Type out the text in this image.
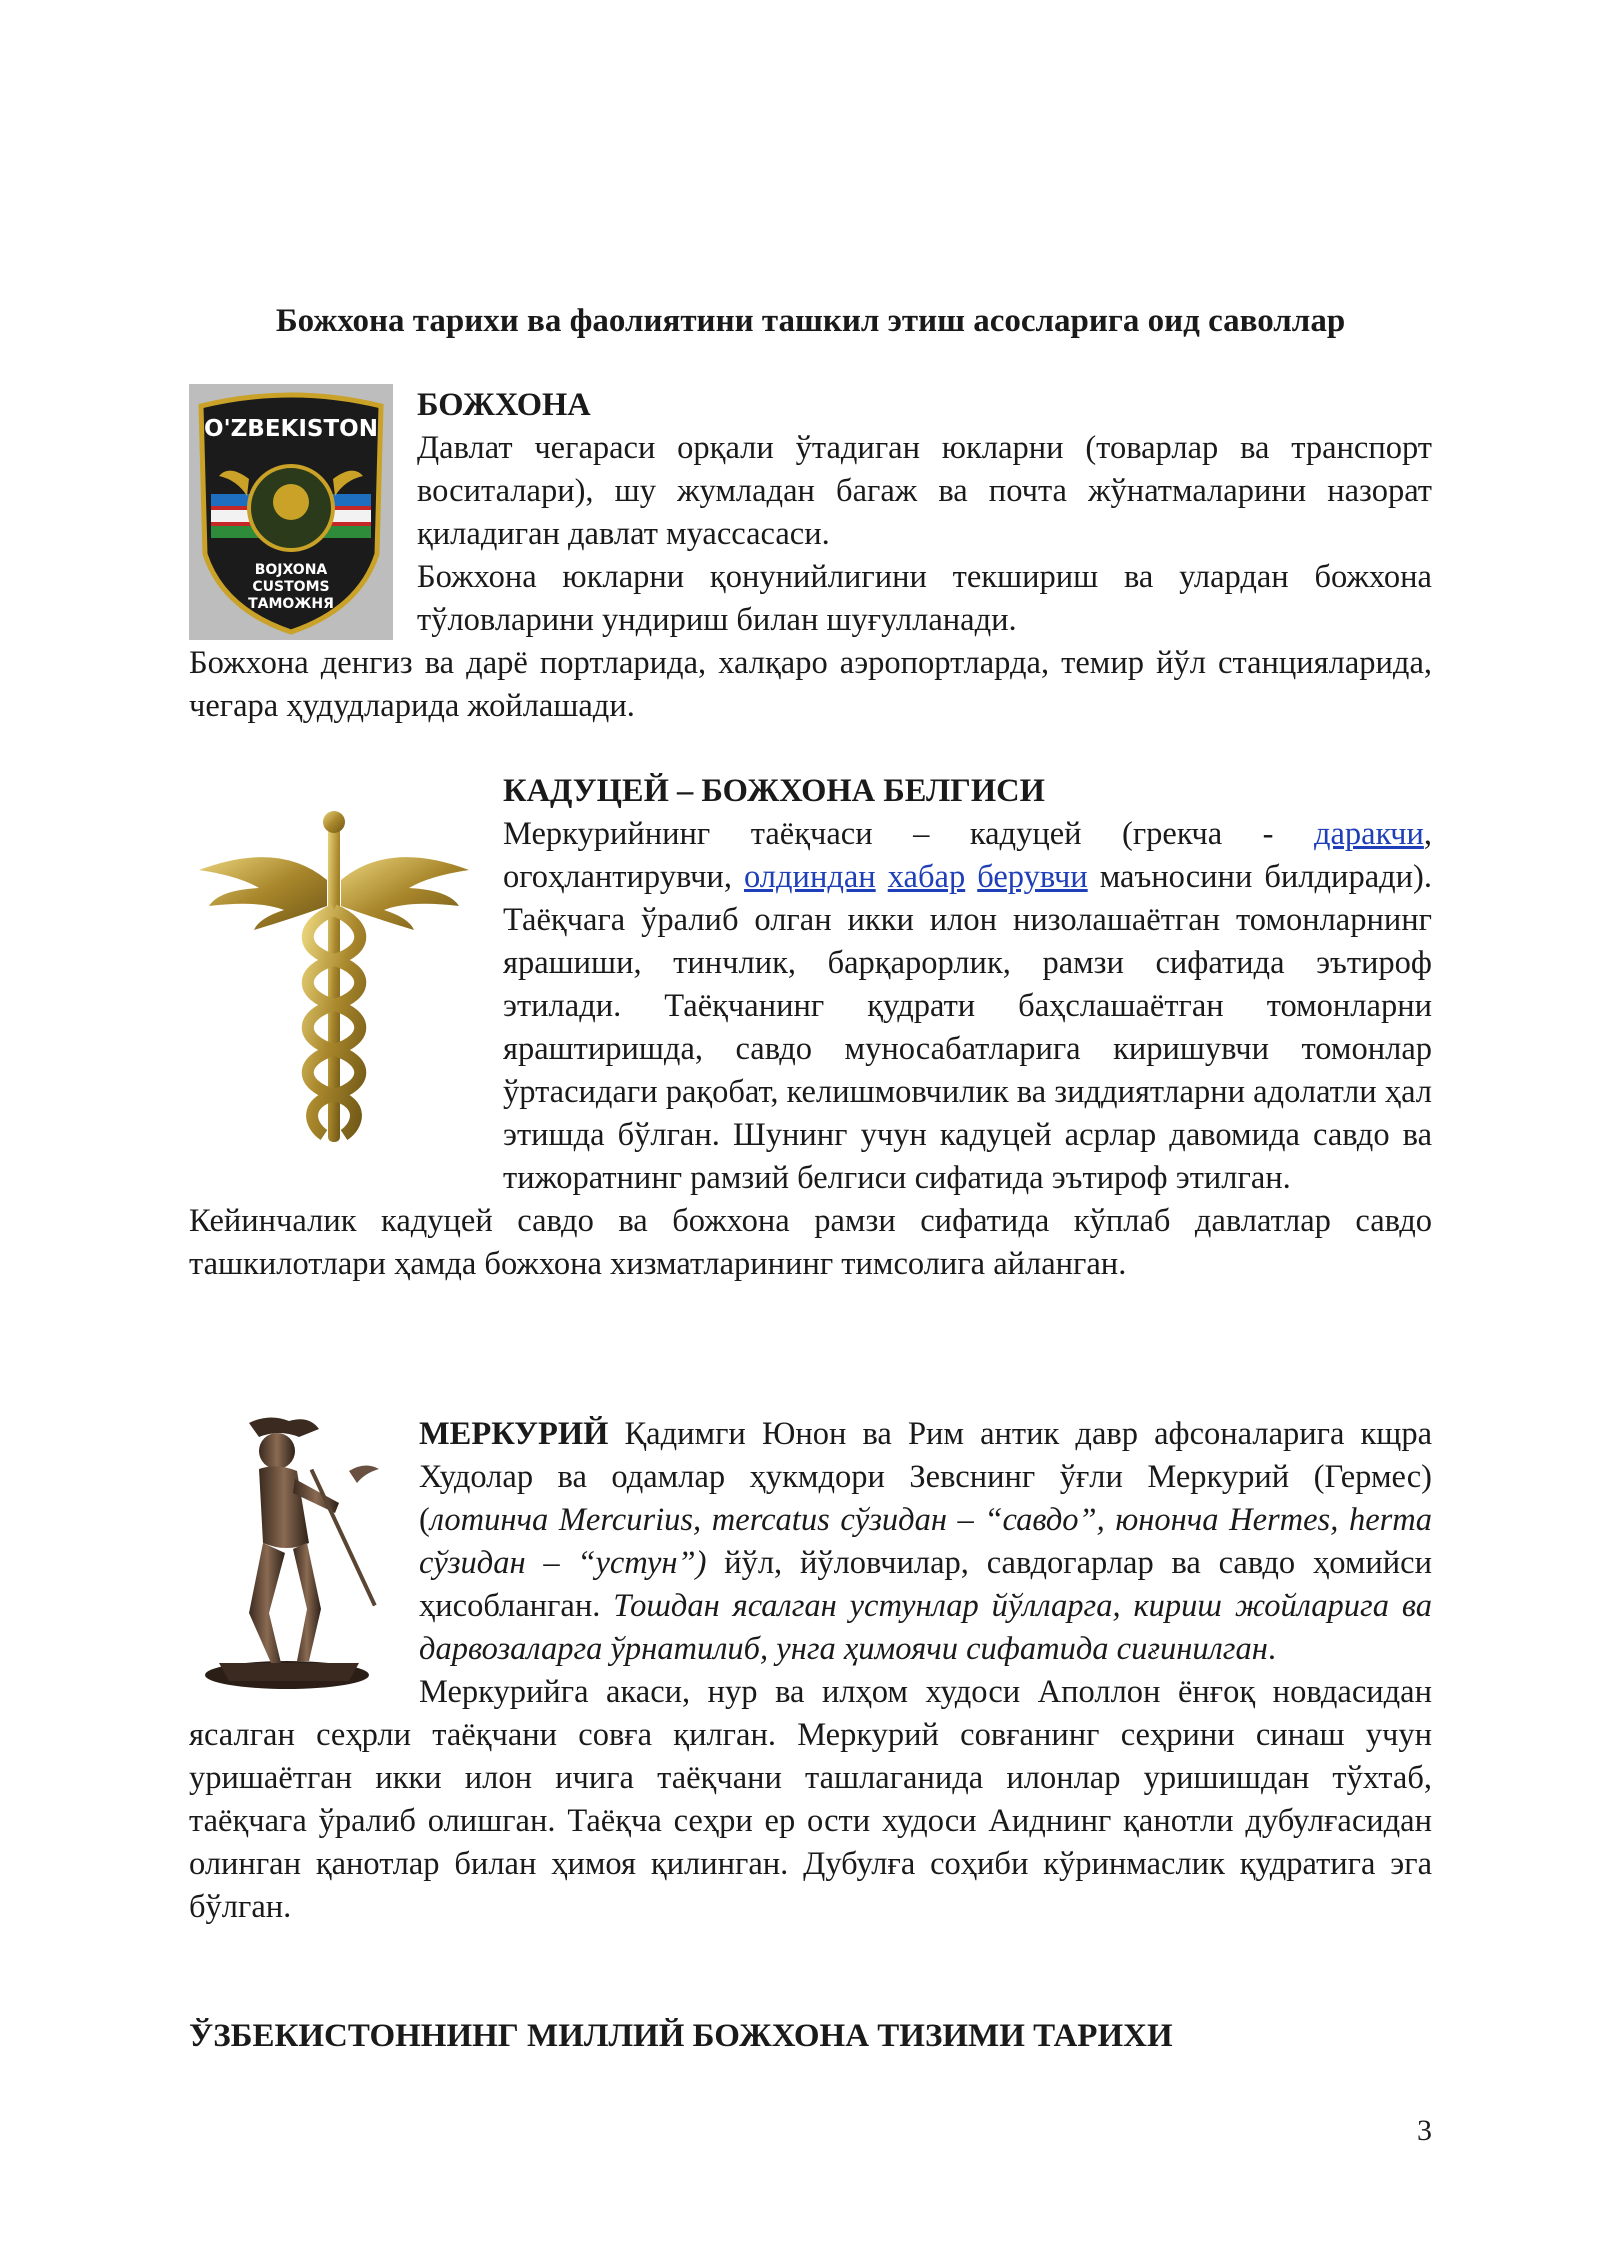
Божхона тарихи ва фаолиятини ташкил этиш асосларига оид саволлар
O'ZBEKISTON
BOJXONA
CUSTOMS
ТАМОЖНЯ
БОЖХОНА

Давлат чегараси орқали ўтадиган юкларни (товарлар ва транспорт воситалари), шу жумладан багаж ва почта жўнатмаларини назорат қиладиган давлат муассасаси.

Божхона юкларни қонунийлигини текшириш ва улардан божхона тўловларини ундириш билан шуғулланади.

Божхона денгиз ва дарё портларида, халқаро аэропортларда, темир йўл станцияларида, чегара ҳудудларида жойлашади.

КАДУЦЕЙ – БОЖХОНА БЕЛГИСИ

Меркурийнинг таёқчаси – кадуцей (грекча - даракчи, огоҳлантирувчи, олдиндан хабар берувчи маъносини билдиради). Таёқчага ўралиб олган икки илон низолашаётган томонларнинг ярашиши, тинчлик, барқарорлик, рамзи сифатида эътироф этилади. Таёқчанинг қудрати баҳслашаётган томонларни яраштиришда, савдо муносабатларига киришувчи томонлар ўртасидаги рақобат, келишмовчилик ва зиддиятларни адолатли ҳал этишда бўлган. Шунинг учун кадуцей асрлар давомида савдо ва тижоратнинг рамзий белгиси сифатида эътироф этилган.

Кейинчалик кадуцей савдо ва божхона рамзи сифатида кўплаб давлатлар савдо ташкилотлари ҳамда божхона хизматларининг тимсолига айланган.

МЕРКУРИЙ Қадимги Юнон ва Рим антик давр афсоналарига кщра Худолар ва одамлар ҳукмдори Зевснинг ўғли Меркурий (Гермес) (лотинча Mercurius, mercatus сўзидан – “савдо”, юнонча Hermes, herma сўзидан – “устун”) йўл, йўловчилар, савдогарлар ва савдо ҳомийси ҳисобланган. Тошдан ясалган устунлар йўлларга, кириш жойларига ва дарвозаларга ўрнатилиб, унга ҳимоячи сифатида сиғинилган.

Меркурийга акаси, нур ва илҳом худоси Аполлон ёнғоқ новдасидан ясалган сеҳрли таёқчани совға қилган. Меркурий совғанинг сеҳрини синаш учун уришаётган икки илон ичига таёқчани ташлаганида илонлар уришишдан тўхтаб, таёқчага ўралиб олишган. Таёқча сеҳри ер ости худоси Аиднинг қанотли дубулғасидан олинган қанотлар билан ҳимоя қилинган. Дубулға соҳиби кўринмаслик қудратига эга бўлган.

ЎЗБЕКИСТОННИНГ МИЛЛИЙ БОЖХОНА ТИЗИМИ ТАРИХИ
3
